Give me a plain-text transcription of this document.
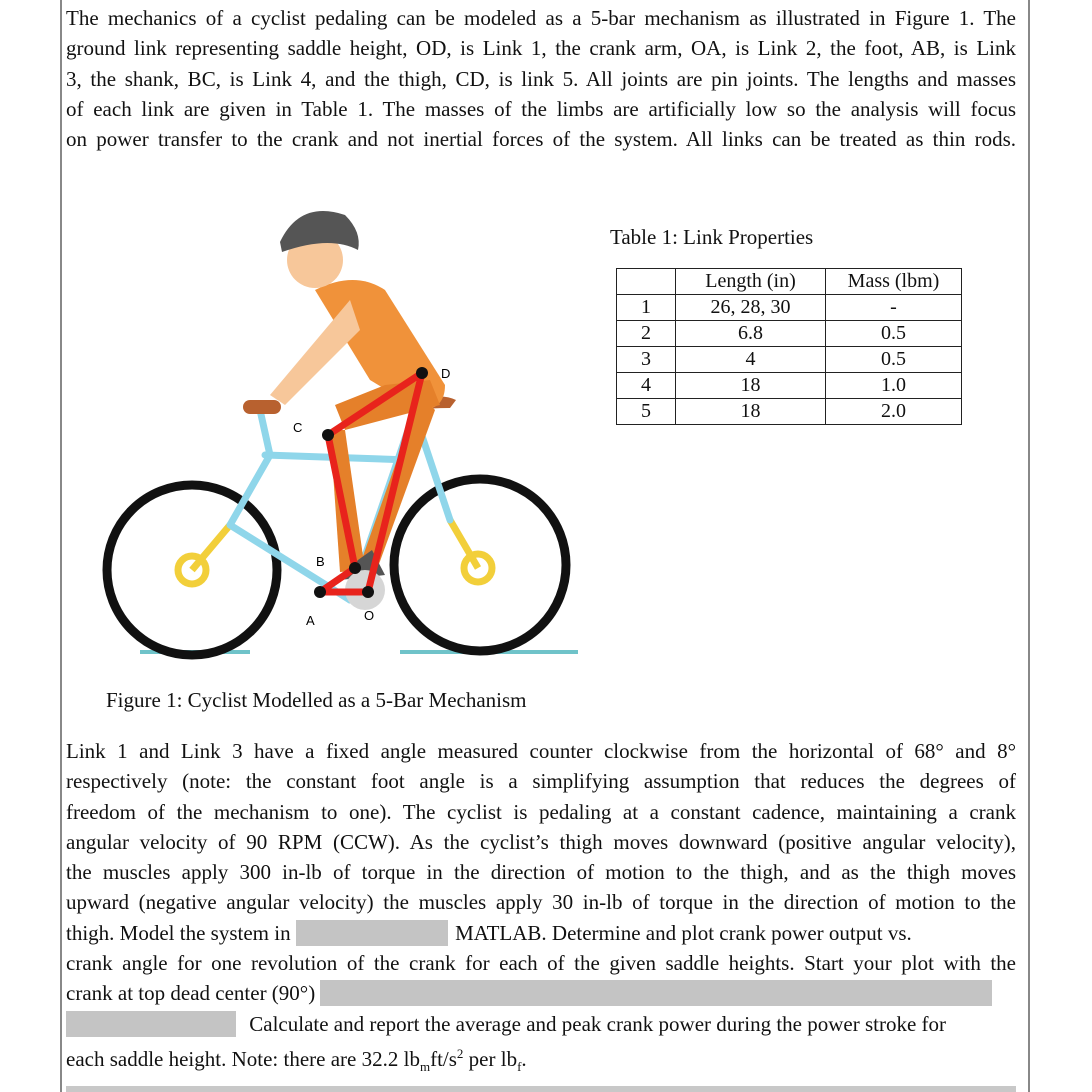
The mechanics of a cyclist pedaling can be modeled as a 5-bar mechanism as illustrated in Figure 1. The
ground link representing saddle height, OD, is Link 1, the crank arm, OA, is Link 2, the foot, AB, is Link
3, the shank, BC, is Link 4, and the thigh, CD, is link 5. All joints are pin joints. The lengths and masses
of each link are given in Table 1. The masses of the limbs are artificially low so the analysis will focus
on power transfer to the crank and not inertial forces of the system. All links can be treated as thin rods.
D
C
B
A	O
Table 1: Link Properties
	Length (in)	Mass (lbm)
1	26, 28, 30	-
2	6.8	0.5
3	4	0.5
4	18	1.0
5	18	2.0
Figure 1: Cyclist Modelled as a 5-Bar Mechanism
Link 1 and Link 3 have a fixed angle measured counter clockwise from the horizontal of 68° and 8°
respectively (note: the constant foot angle is a simplifying assumption that reduces the degrees of
freedom of the mechanism to one). The cyclist is pedaling at a constant cadence, maintaining a crank
angular velocity of 90 RPM (CCW). As the cyclist’s thigh moves downward (positive angular velocity),
the muscles apply 300 in-lb of torque in the direction of motion to the thigh, and as the thigh moves
upward (negative angular velocity) the muscles apply 30 in-lb of torque in the direction of motion to the
thigh. Model the system in	MATLAB. Determine and plot crank power output vs.
crank angle for one revolution of the crank for each of the given saddle heights. Start your plot with the
crank at top dead center (90°)
Calculate and report the average and peak crank power during the power stroke for
each saddle height. Note: there are 32.2 $lb_mft/s^2$ per $lb_f$.
